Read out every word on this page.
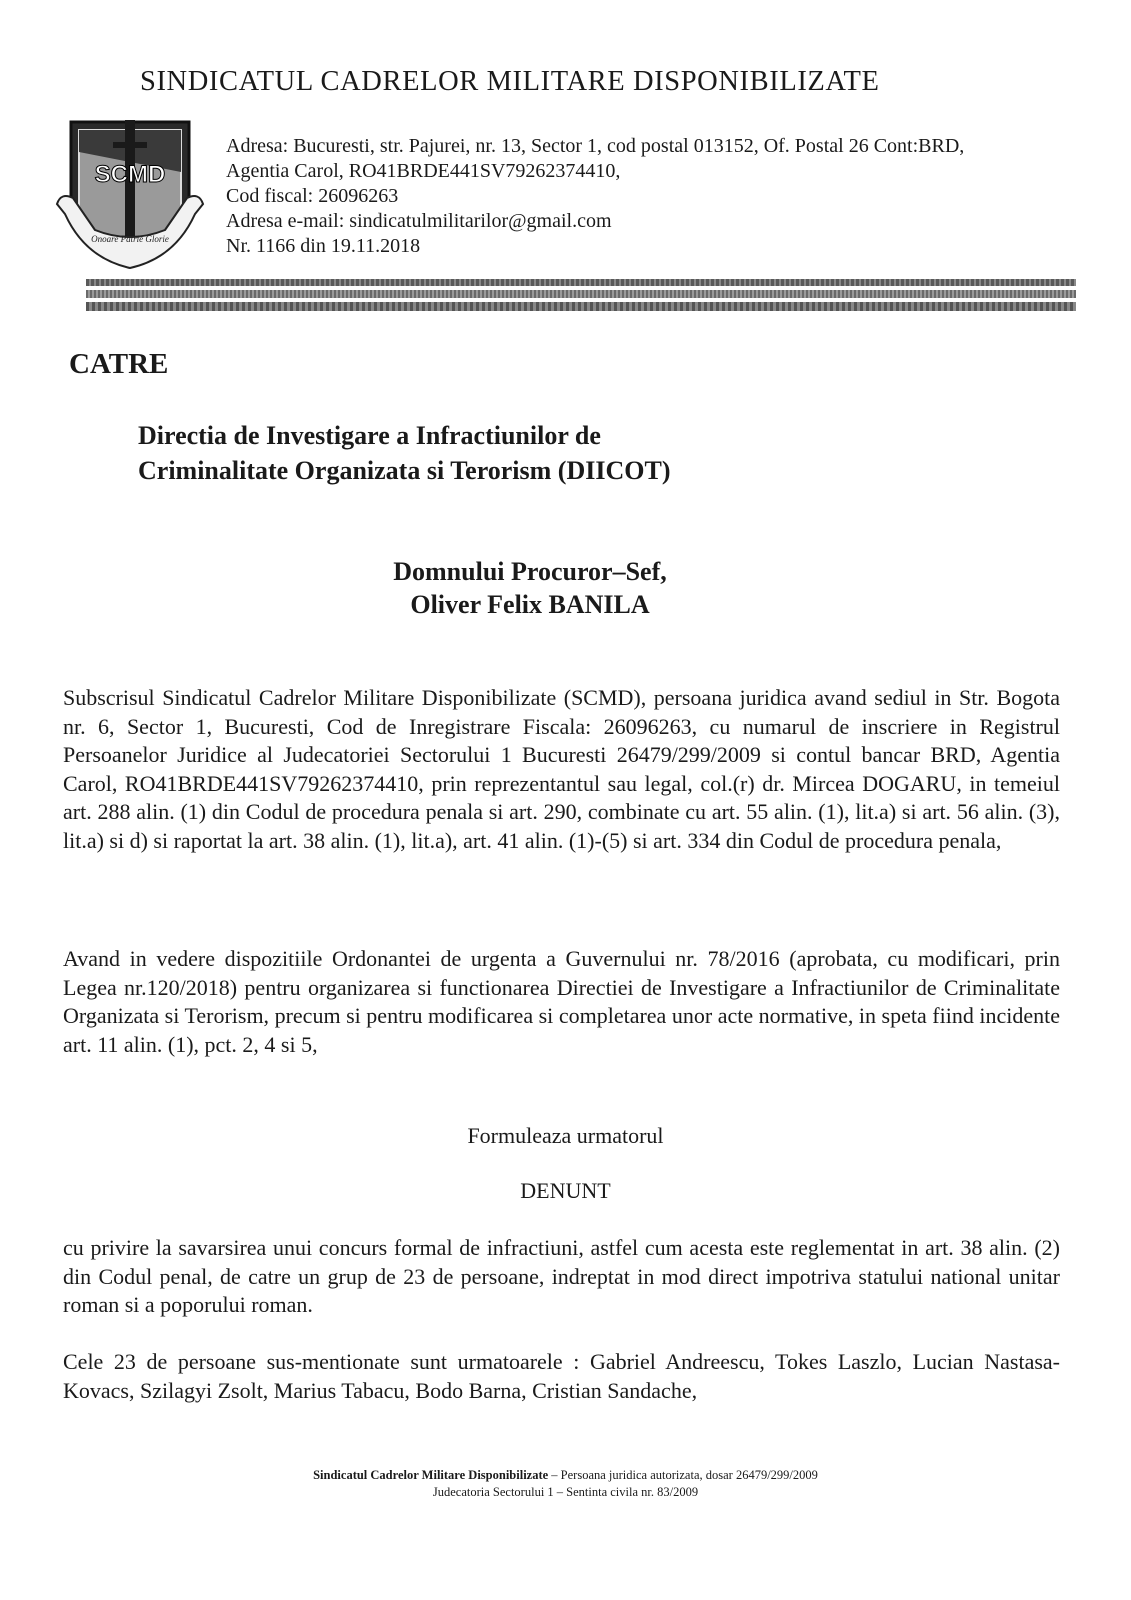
SINDICATUL CADRELOR MILITARE DISPONIBILIZATE
SCMD
Onoare Patrie Glorie
Adresa: Bucuresti, str. Pajurei, nr. 13, Sector 1, cod postal 013152, Of. Postal 26 Cont:BRD,
Agentia Carol, RO41BRDE441SV79262374410,
Cod fiscal: 26096263
Adresa e-mail: sindicatulmilitarilor@gmail.com
Nr. 1166 din 19.11.2018
CATRE
Directia de Investigare a Infractiunilor de
Criminalitate Organizata si Terorism (DIICOT)
Domnului Procuror–Sef,
Oliver Felix BANILA
Subscrisul Sindicatul Cadrelor Militare Disponibilizate (SCMD), persoana juridica avand sediul in Str. Bogota nr. 6, Sector 1, Bucuresti, Cod de Inregistrare Fiscala: 26096263, cu numarul de inscriere in Registrul Persoanelor Juridice al Judecatoriei Sectorului 1 Bucuresti 26479/299/2009 si contul bancar BRD, Agentia Carol, RO41BRDE441SV79262374410, prin reprezentantul sau legal, col.(r) dr. Mircea DOGARU, in temeiul art. 288 alin. (1) din Codul de procedura penala si art. 290, combinate cu art. 55 alin. (1), lit.a) si art. 56 alin. (3), lit.a) si d) si raportat la art. 38 alin. (1), lit.a), art. 41 alin. (1)-(5) si art. 334 din Codul de procedura penala,
Avand in vedere dispozitiile Ordonantei de urgenta a Guvernului nr. 78/2016 (aprobata, cu modificari, prin Legea nr.120/2018) pentru organizarea si functionarea Directiei de Investigare a Infractiunilor de Criminalitate Organizata si Terorism, precum si pentru modificarea si completarea unor acte normative, in speta fiind incidente art. 11 alin. (1), pct. 2, 4 si 5,
Formuleaza urmatorul
DENUNT
cu privire la savarsirea unui concurs formal de infractiuni, astfel cum acesta este reglementat in art. 38 alin. (2) din Codul penal, de catre un grup de 23 de persoane, indreptat in mod direct impotriva statului national unitar roman si a poporului roman.
Cele 23 de persoane sus-mentionate sunt urmatoarele : Gabriel Andreescu, Tokes Laszlo, Lucian Nastasa-Kovacs, Szilagyi Zsolt, Marius Tabacu, Bodo Barna, Cristian Sandache,
Sindicatul Cadrelor Militare Disponibilizate – Persoana juridica autorizata, dosar 26479/299/2009
Judecatoria Sectorului 1 – Sentinta civila nr. 83/2009
